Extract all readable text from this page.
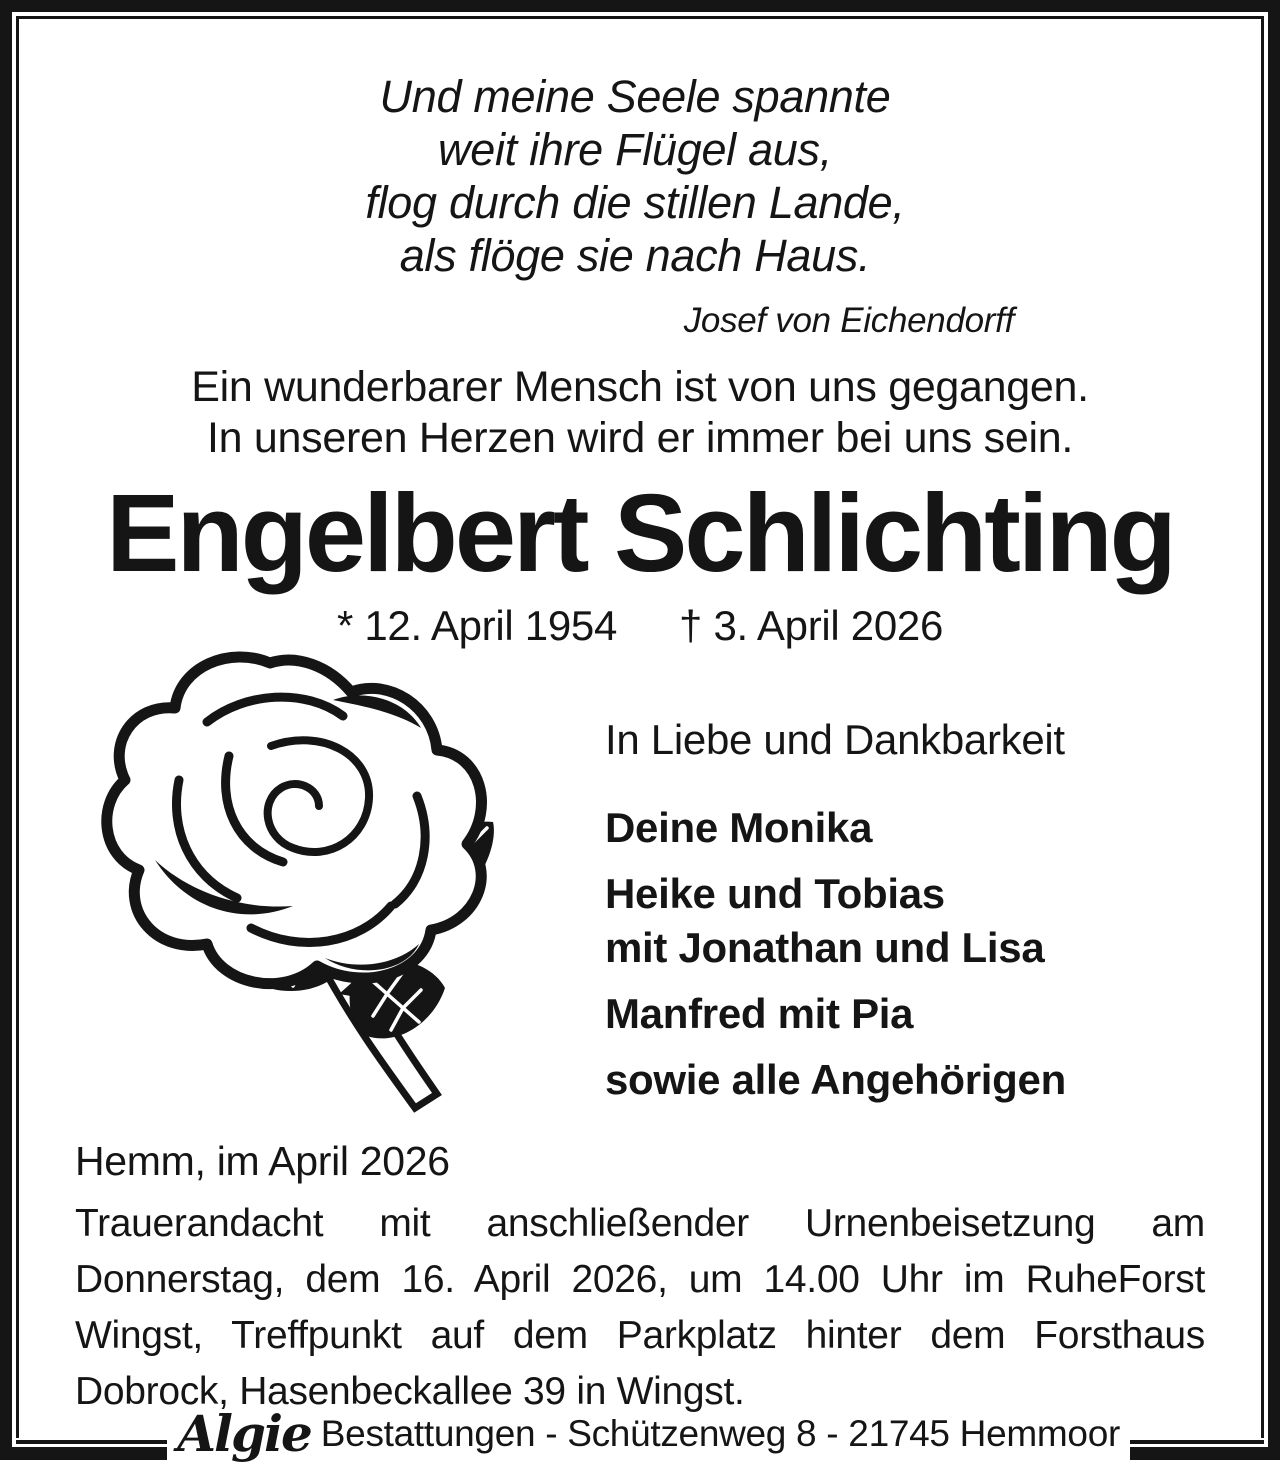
Und meine Seele spannte
weit ihre Flügel aus,
flog durch die stillen Lande,
als flöge sie nach Haus.
Josef von Eichendorff
Ein wunderbarer Mensch ist von uns gegangen.
In unseren Herzen wird er immer bei uns sein.
Engelbert Schlichting
* 12. April 1954 † 3. April 2026
In Liebe und Dankbarkeit
Deine Monika
Heike und Tobias
mit Jonathan und Lisa
Manfred mit Pia
sowie alle Angehörigen
Hemm, im April 2026
Trauerandacht mit anschließender Urnenbeisetzung am
Donnerstag, dem 16. April 2026, um 14.00 Uhr im RuheForst
Wingst, Treffpunkt auf dem Parkplatz hinter dem Forsthaus
Dobrock, Hasenbeckallee 39 in Wingst.
Algie Bestattungen - Schützenweg 8 - 21745 Hemmoor
